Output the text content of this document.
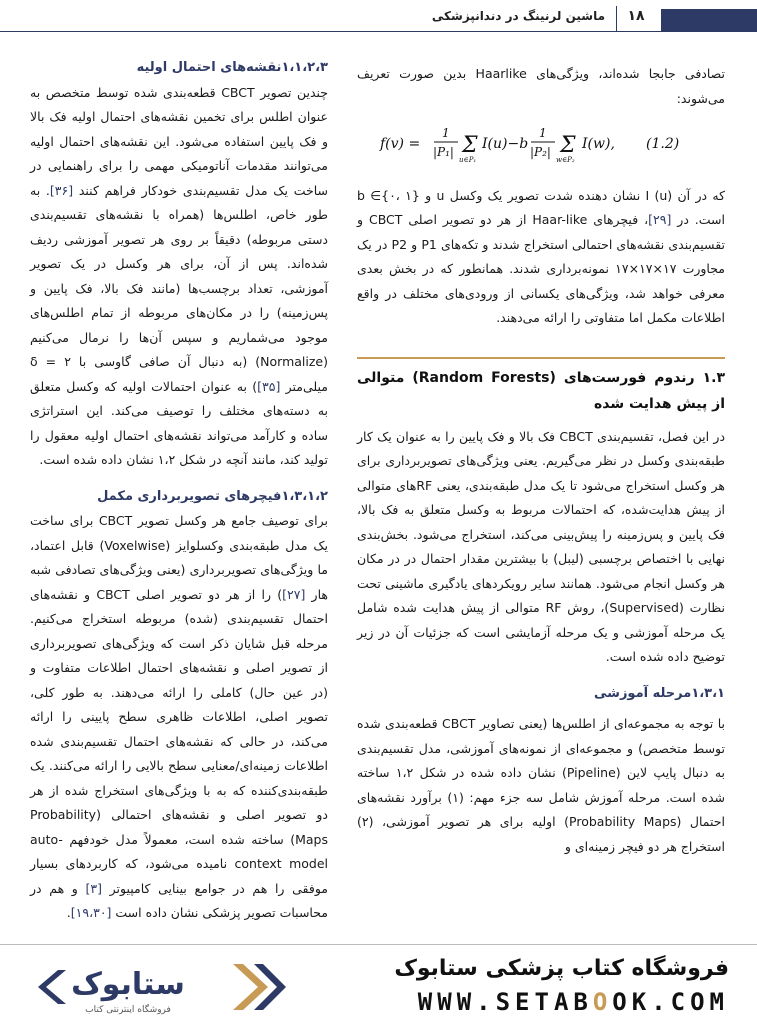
۱۸
ماشین لرنینگ در دندانپزشکی

تصادفی جابجا شده‌اند، ویژگی‌های Haarlike بدین صورت تعریف می‌شوند:

f(v) =
1
|P₁| Σ
u∈P₁
I(u)−b
1
|P₂| Σ
w∈P₂
I(w), (1.2)

که در آن I (u) نشان دهنده شدت تصویر یک وکسل u و b ∈{۰، ۱} است. در [۲۹]، فیچرهای Haar-like از هر دو تصویر اصلی CBCT و تقسیم‌بندی نقشه‌های احتمالی استخراج شدند و تکه‌های P1 و P2 در یک مجاورت ۱۷×۱۷×۱۷ نمونه‌برداری شدند. همانطور که در بخش بعدی معرفی خواهد شد، ویژگی‌های یکسانی از ورودی‌های مختلف در واقع اطلاعات مکمل اما متفاوتی را ارائه می‌دهند.

۱.۳ رندوم فورست‌های (Random Forests) متوالی از پیش هدایت شده

در این فصل، تقسیم‌بندی CBCT فک بالا و فک پایین را به عنوان یک کار طبقه‌بندی وکسل در نظر می‌گیریم. یعنی ویژگی‌های تصویربرداری برای هر وکسل استخراج می‌شود تا یک مدل طبقه‌بندی، یعنی RFهای متوالی از پیش هدایت‌شده، که احتمالات مربوط به وکسل متعلق به فک بالا، فک پایین و پس‌زمینه را پیش‌بینی می‌کند، استخراج می‌شود. بخش‌بندی نهایی با اختصاص برچسبی (لیبل) با بیشترین مقدار احتمال در در مکان هر وکسل انجام می‌شود. همانند سایر رویکردهای یادگیری ماشینی تحت نظارت (Supervised)، روش RF متوالی از پیش هدایت شده شامل یک مرحله آموزشی و یک مرحله آزمایشی است که جزئیات آن در زیر توضیح داده شده است.

۱،۳،۱مرحله آموزشی

با توجه به مجموعه‌ای از اطلس‌ها (یعنی تصاویر CBCT قطعه‌بندی شده توسط متخصص) و مجموعه‌ای از نمونه‌های آموزشی، مدل تقسیم‌بندی به دنبال پایپ لاین (Pipeline) نشان داده شده در شکل ۱،۲ ساخته شده است. مرحله آموزش شامل سه جزء مهم: (۱) برآورد نقشه‌های احتمال (Probability Maps) اولیه برای هر تصویر آموزشی، (۲) استخراج هر دو فیچر زمینه‌ای و

۱،۱،۲،۳نقشه‌های احتمال اولیه

چندین تصویر CBCT قطعه‌بندی شده توسط متخصص به عنوان اطلس برای تخمین نقشه‌های احتمال اولیه فک بالا و فک پایین استفاده می‌شود. این نقشه‌های احتمال اولیه می‌توانند مقدمات آناتومیکی مهمی را برای راهنمایی در ساخت یک مدل تقسیم‌بندی خودکار فراهم کنند [۳۶]. به طور خاص، اطلس‌ها (همراه با نقشه‌های تقسیم‌بندی دستی مربوطه) دقیقاً بر روی هر تصویر آموزشی ردیف شده‌اند. پس از آن، برای هر وکسل در یک تصویر آموزشی، تعداد برچسب‌ها (مانند فک بالا، فک پایین و پس‌زمینه) را در مکان‌های مربوطه از تمام اطلس‌های موجود می‌شماریم و سپس آن‌ها را نرمال می‌کنیم (Normalize) (به دنبال آن صافی گاوسی با ۲ = δ میلی‌متر [۳۵]) به عنوان احتمالات اولیه که وکسل متعلق به دسته‌های مختلف را توصیف می‌کند. این استراتژی ساده و کارآمد می‌تواند نقشه‌های احتمال اولیه معقول را تولید کند، مانند آنچه در شکل ۱،۲ نشان داده شده است.

۱،۳،۱،۲فیچرهای تصویربرداری مکمل

برای توصیف جامع هر وکسل تصویر CBCT برای ساخت یک مدل طبقه‌بندی وکسلوایز (Voxelwise) قابل اعتماد، ما ویژگی‌های تصویربرداری (یعنی ویژگی‌های تصادفی شبه هار [۲۷]) را از هر دو تصویر اصلی CBCT و نقشه‌های احتمال تقسیم‌بندی (شده) مربوطه استخراج می‌کنیم. مرحله قبل شایان ذکر است که ویژگی‌های تصویربرداری از تصویر اصلی و نقشه‌های احتمال اطلاعات متفاوت و (در عین حال) کاملی را ارائه می‌دهند. به طور کلی، تصویر اصلی، اطلاعات ظاهری سطح پایینی را ارائه می‌کند، در حالی که نقشه‌های احتمال تقسیم‌بندی شده اطلاعات زمینه‌ای/معنایی سطح بالایی را ارائه می‌کنند. یک طبقه‌بندی‌کننده که به با ویژگی‌های استخراج شده از هر دو تصویر اصلی و نقشه‌های احتمالی (Probability Maps) ساخته شده است، معمولاً مدل خودفهم auto-context model نامیده می‌شود، که کاربردهای بسیار موفقی را هم در جوامع بینایی کامپیوتر [۳] و هم در محاسبات تصویر پزشکی نشان داده است [۱۹،۳۰].

ستابوک
فروشگاه اینترنتی کتاب
فروشگاه کتاب پزشکی ستابوک
WWW.SETABOOK.COM
